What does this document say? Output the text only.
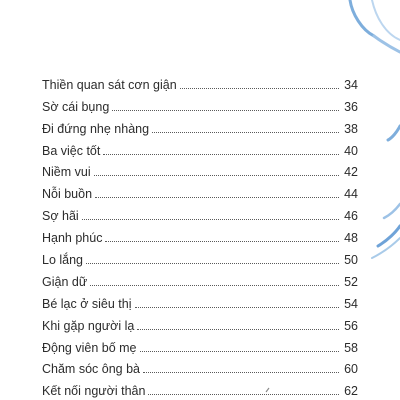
Thiền quan sát cơn giận	34
Sờ cái bụng	36
Đi đứng nhẹ nhàng	38
Ba việc tốt	40
Niềm vui	42
Nỗi buồn	44
Sợ hãi	46
Hạnh phúc	48
Lo lắng	50
Giận dữ	52
Bé lạc ở siêu thị	54
Khi gặp người lạ	56
Động viên bố mẹ	58
Chăm sóc ông bà	60
Kết nối người thân	62
